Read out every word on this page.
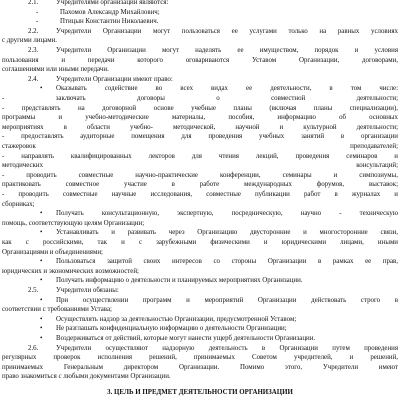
2.1.	Учредителями организации являются:
-	Пахомов Александр Михайлович;
-	Птицын Константин Николаевич.
2.2.	Учредители Организации могут пользоваться ее услугами только на равных условиях
с другими лицами.
2.3.	Учредители Организации могут наделять ее имуществом, порядок и условия
пользования и передачи которого оговариваются Уставом Организации, договорами,
соглашениями или иными передачи.
2.4.	Учредители Организации имеют право:
• Оказывать содействие во всех видах ее деятельности, в том числе:
- заключать договоры о совместной деятельности;
- представлять на договорной основе учебные планы (включая планы специализации),
программы и учебно-методические материалы, пособия, информацию об основных
мероприятиях в области учебно- методической, научной и культурной деятельности;
- предоставлять аудиторные помещения для проведения учебных занятий в организации
стажеровок преподавателей;
- направлять квалифицированных лекторов для чтения лекций, проведения семинаров и
методических консультаций;
- проводить совместные научно-практические конференции, семинары и симпозиумы,
практиковать совместное участие в работе международных форумов, выставок;
- проводить совместные научные исследования, совместные публикации работ в журналах и
сборниках;
• Получать консультационную, экспертную, посредническую, научно - техническую
помощь, соответствующую целям Организации;
• Устанавливать и развивать через Организацию двусторонние и многосторонние связи,
как с российскими, так и с зарубежными физическими и юридическими лицами, иными
Организациями и объединениями;
• Пользоваться защитой своих интересов со стороны Организации в рамках ее прав,
юридических и экономических возможностей;
• Получать информацию о деятельности и планируемых мероприятиях Организации.
2.5.	Учредители обязаны:
• При осуществлении программ и мероприятий Организации действовать строго в
соответствии с требованиями Устава;
• Осуществлять надзор за деятельностью Организации, предусмотренной Уставом;
• Не разглашать конфиденциальную информацию о деятельности Организации;
• Воздерживаться от действий, которые могут нанести ущерб деятельности Организации.
2.6.	Учредители осуществляют надзорную деятельность в Организации путем проведения
регулярных проверок исполнения решений, принимаемых Советом учредителей, и решений,
принимаемых Генеральным директором Организации. Помимо этого, Учредители имеют
право знакомиться с любыми документами Организации.
3. ЦЕЛЬ И ПРЕДМЕТ ДЕЯТЕЛЬНОСТИ ОРГАНИЗАЦИИ
